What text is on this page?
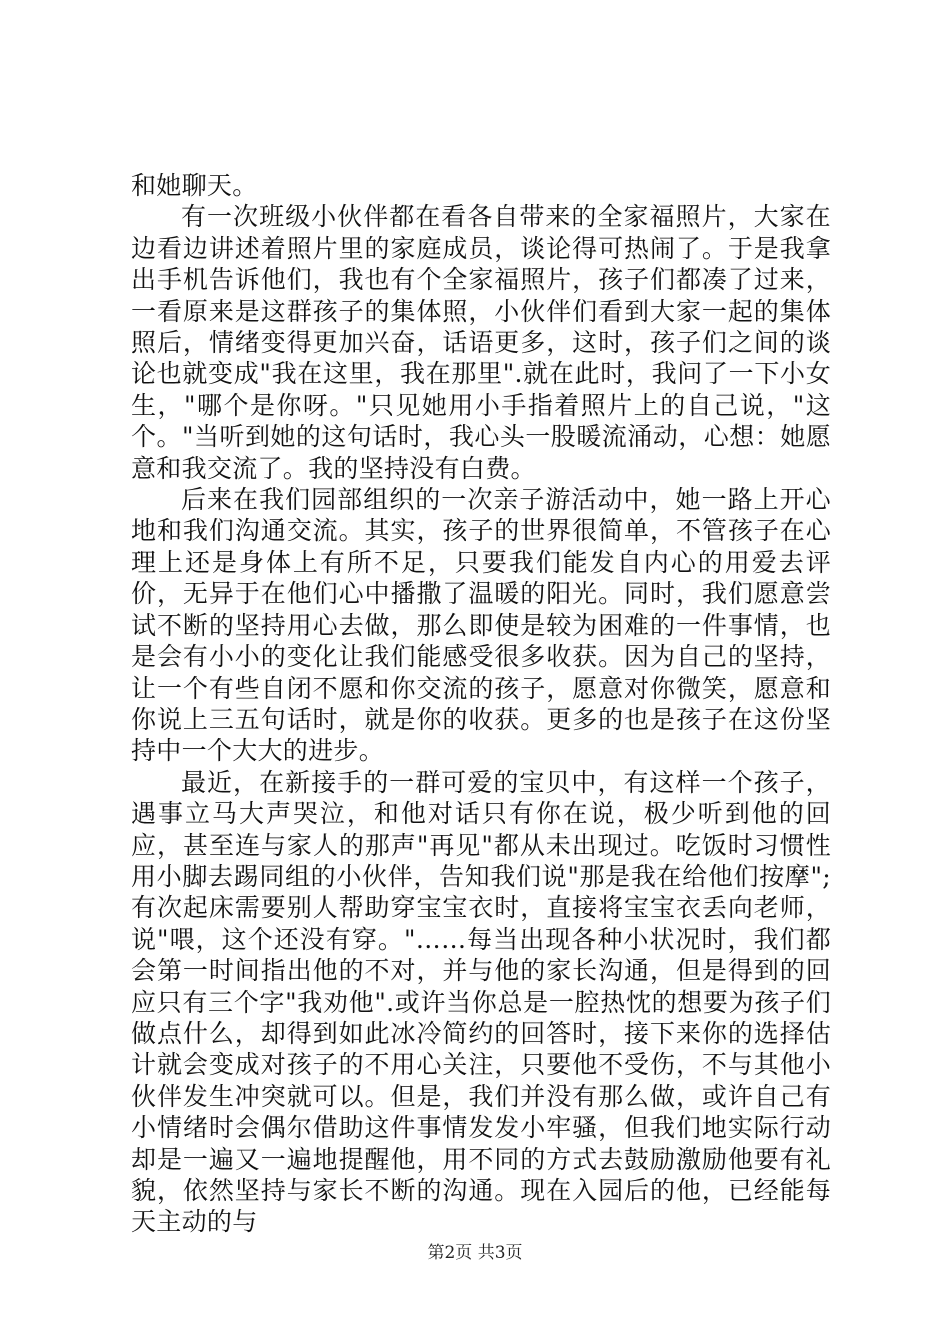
和她聊天。

有一次班级小伙伴都在看各自带来的全家福照片，大家在边看边讲述着照片里的家庭成员，谈论得可热闹了。于是我拿出手机告诉他们，我也有个全家福照片，孩子们都凑了过来，一看原来是这群孩子的集体照，小伙伴们看到大家一起的集体照后，情绪变得更加兴奋，话语更多，这时，孩子们之间的谈论也就变成"我在这里，我在那里".就在此时，我问了一下小女生，"哪个是你呀。"只见她用小手指着照片上的自己说，"这个。"当听到她的这句话时，我心头一股暖流涌动，心想：她愿意和我交流了。我的坚持没有白费。

后来在我们园部组织的一次亲子游活动中，她一路上开心地和我们沟通交流。其实，孩子的世界很简单，不管孩子在心理上还是身体上有所不足，只要我们能发自内心的用爱去评价，无异于在他们心中播撒了温暖的阳光。同时，我们愿意尝试不断的坚持用心去做，那么即使是较为困难的一件事情，也是会有小小的变化让我们能感受很多收获。因为自己的坚持，让一个有些自闭不愿和你交流的孩子，愿意对你微笑，愿意和你说上三五句话时，就是你的收获。更多的也是孩子在这份坚持中一个大大的进步。

最近，在新接手的一群可爱的宝贝中，有这样一个孩子，遇事立马大声哭泣，和他对话只有你在说，极少听到他的回应，甚至连与家人的那声"再见"都从未出现过。吃饭时习惯性用小脚去踢同组的小伙伴，告知我们说"那是我在给他们按摩";有次起床需要别人帮助穿宝宝衣时，直接将宝宝衣丢向老师，说"喂，这个还没有穿。"……每当出现各种小状况时，我们都会第一时间指出他的不对，并与他的家长沟通，但是得到的回应只有三个字"我劝他".或许当你总是一腔热忱的想要为孩子们做点什么，却得到如此冰冷简约的回答时，接下来你的选择估计就会变成对孩子的不用心关注，只要他不受伤，不与其他小伙伴发生冲突就可以。但是，我们并没有那么做，或许自己有小情绪时会偶尔借助这件事情发发小牢骚，但我们地实际行动却是一遍又一遍地提醒他，用不同的方式去鼓励激励他要有礼貌，依然坚持与家长不断的沟通。现在入园后的他，已经能每天主动的与

第2页 共3页
